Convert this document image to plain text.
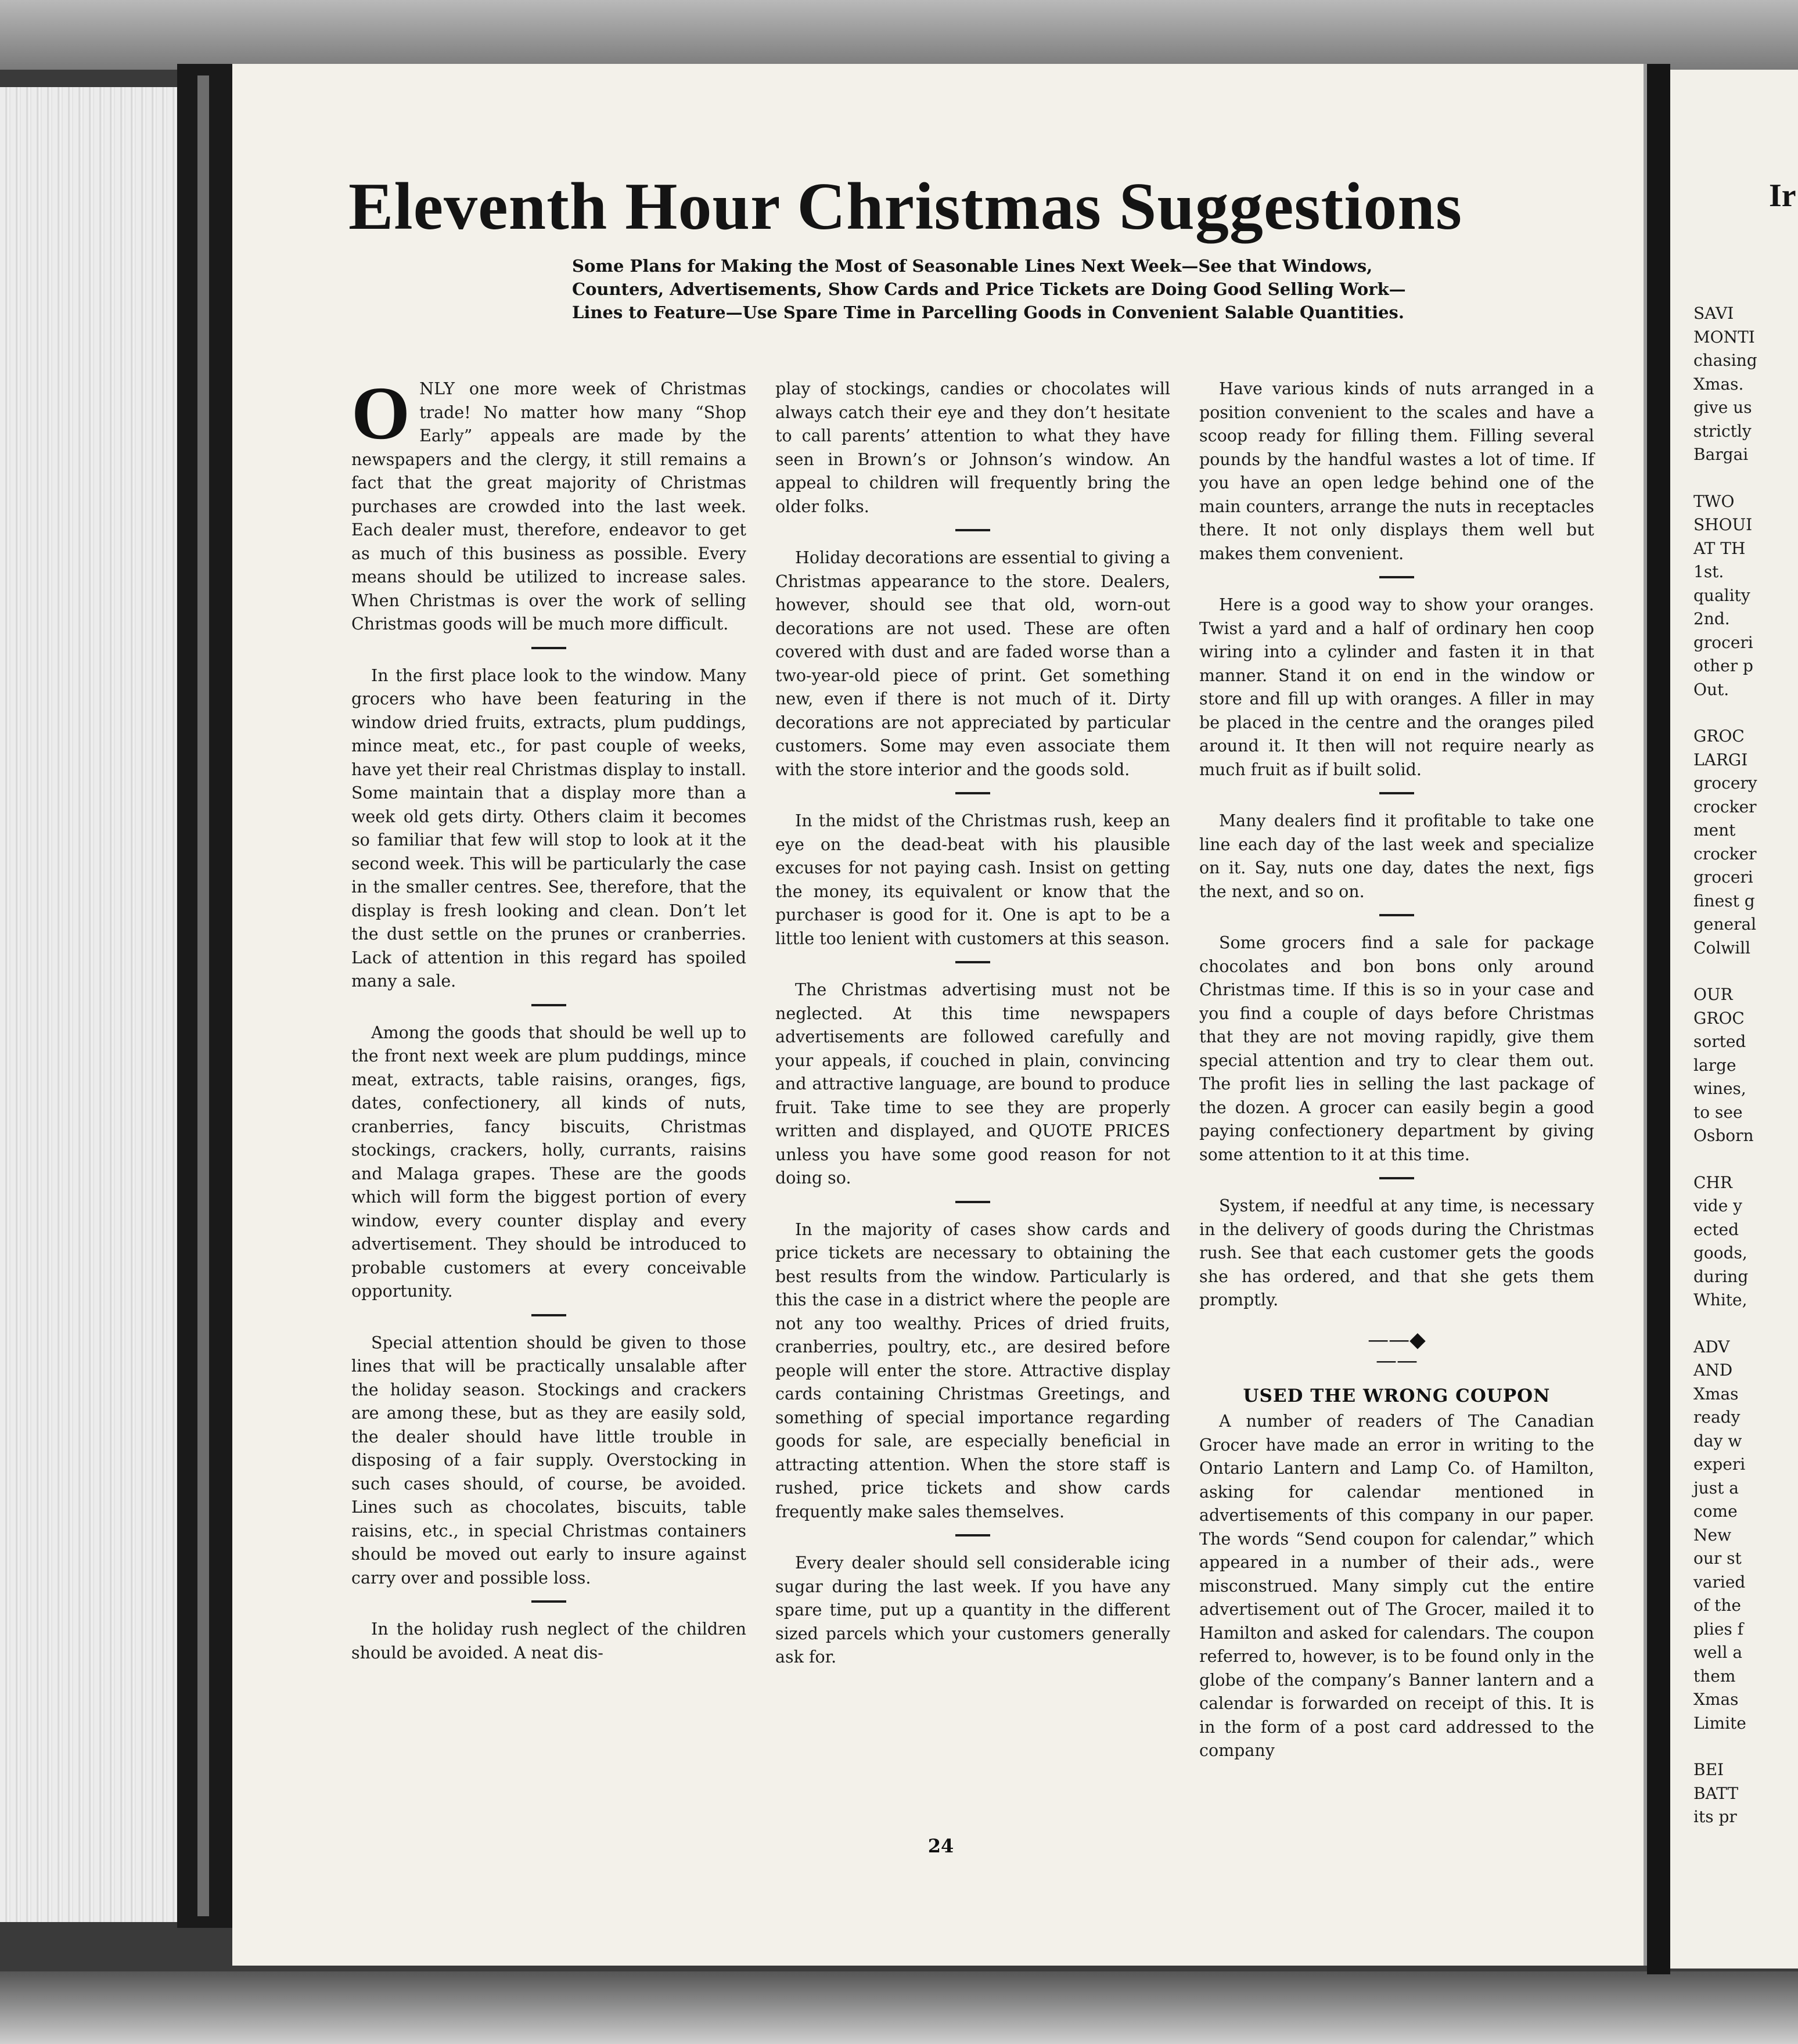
Eleventh Hour Christmas Suggestions

Some Plans for Making the Most of Seasonable Lines Next Week—See that Windows, Counters, Advertisements, Show Cards and Price Tickets are Doing Good Selling Work—Lines to Feature—Use Spare Time in Parcelling Goods in Convenient Salable Quantities.

ONLY one more week of Christmas trade! No matter how many “Shop Early” appeals are made by the newspapers and the clergy, it still remains a fact that the great majority of Christmas purchases are crowded into the last week. Each dealer must, therefore, endeavor to get as much of this business as possible. Every means should be utilized to increase sales. When Christmas is over the work of selling Christmas goods will be much more difficult.

In the first place look to the window. Many grocers who have been featuring in the window dried fruits, extracts, plum puddings, mince meat, etc., for past couple of weeks, have yet their real Christmas display to install. Some maintain that a display more than a week old gets dirty. Others claim it becomes so familiar that few will stop to look at it the second week. This will be particularly the case in the smaller centres. See, therefore, that the display is fresh looking and clean. Don’t let the dust settle on the prunes or cranberries. Lack of attention in this regard has spoiled many a sale.

Among the goods that should be well up to the front next week are plum puddings, mince meat, extracts, table raisins, oranges, figs, dates, confectionery, all kinds of nuts, cranberries, fancy biscuits, Christmas stockings, crackers, holly, currants, raisins and Malaga grapes. These are the goods which will form the biggest portion of every window, every counter display and every advertisement. They should be introduced to probable customers at every conceivable opportunity.

Special attention should be given to those lines that will be practically unsalable after the holiday season. Stockings and crackers are among these, but as they are easily sold, the dealer should have little trouble in disposing of a fair supply. Overstocking in such cases should, of course, be avoided. Lines such as chocolates, biscuits, table raisins, etc., in special Christmas containers should be moved out early to insure against carry over and possible loss.

In the holiday rush neglect of the children should be avoided. A neat dis-

play of stockings, candies or chocolates will always catch their eye and they don’t hesitate to call parents’ attention to what they have seen in Brown’s or Johnson’s window. An appeal to children will frequently bring the older folks.

Holiday decorations are essential to giving a Christmas appearance to the store. Dealers, however, should see that old, worn-out decorations are not used. These are often covered with dust and are faded worse than a two-year-old piece of print. Get something new, even if there is not much of it. Dirty decorations are not appreciated by particular customers. Some may even associate them with the store interior and the goods sold.

In the midst of the Christmas rush, keep an eye on the dead-beat with his plausible excuses for not paying cash. Insist on getting the money, its equivalent or know that the purchaser is good for it. One is apt to be a little too lenient with customers at this season.

The Christmas advertising must not be neglected. At this time newspapers advertisements are followed carefully and your appeals, if couched in plain, convincing and attractive language, are bound to produce fruit. Take time to see they are properly written and displayed, and QUOTE PRICES unless you have some good reason for not doing so.

In the majority of cases show cards and price tickets are necessary to obtaining the best results from the window. Particularly is this the case in a district where the people are not any too wealthy. Prices of dried fruits, cranberries, poultry, etc., are desired before people will enter the store. Attractive display cards containing Christmas Greetings, and something of special importance regarding goods for sale, are especially beneficial in attracting attention. When the store staff is rushed, price tickets and show cards frequently make sales themselves.

Every dealer should sell considerable icing sugar during the last week. If you have any spare time, put up a quantity in the different sized parcels which your customers generally ask for.

Have various kinds of nuts arranged in a position convenient to the scales and have a scoop ready for filling them. Filling several pounds by the handful wastes a lot of time. If you have an open ledge behind one of the main counters, arrange the nuts in receptacles there. It not only displays them well but makes them convenient.

Here is a good way to show your oranges. Twist a yard and a half of ordinary hen coop wiring into a cylinder and fasten it in that manner. Stand it on end in the window or store and fill up with oranges. A filler in may be placed in the centre and the oranges piled around it. It then will not require nearly as much fruit as if built solid.

Many dealers find it profitable to take one line each day of the last week and specialize on it. Say, nuts one day, dates the next, figs the next, and so on.

Some grocers find a sale for package chocolates and bon bons only around Christmas time. If this is so in your case and you find a couple of days before Christmas that they are not moving rapidly, give them special attention and try to clear them out. The profit lies in selling the last package of the dozen. A grocer can easily begin a good paying confectionery department by giving some attention to it at this time.

System, if needful at any time, is necessary in the delivery of goods during the Christmas rush. See that each customer gets the goods she has ordered, and that she gets them promptly.

——◆——
USED THE WRONG COUPON

A number of readers of The Canadian Grocer have made an error in writing to the Ontario Lantern and Lamp Co. of Hamilton, asking for calendar mentioned in advertisements of this company in our paper. The words “Send coupon for calendar,” which appeared in a number of their ads., were misconstrued. Many simply cut the entire advertisement out of The Grocer, mailed it to Hamilton and asked for calendars. The coupon referred to, however, is to be found only in the globe of the company’s Banner lantern and a calendar is forwarded on receipt of this. It is in the form of a post card addressed to the company

24
Ir
SAVI
MONTI
chasing
Xmas.
give us
strictly
Bargai
TWO
SHOUI
AT TH
1st.
quality
2nd.
groceri
other p
Out.
GROC
LARGI
grocery
crocker
ment
crocker
groceri
finest g
general
Colwill
OUR
GROC
sorted
large
wines,
to see
Osborn
CHR
vide y
ected
goods,
during
White,
ADV
AND
Xmas
ready
day w
experi
just a
come
New
our st
varied
of the
plies f
well a
them
Xmas
Limite
BEI
BATT
its pr
